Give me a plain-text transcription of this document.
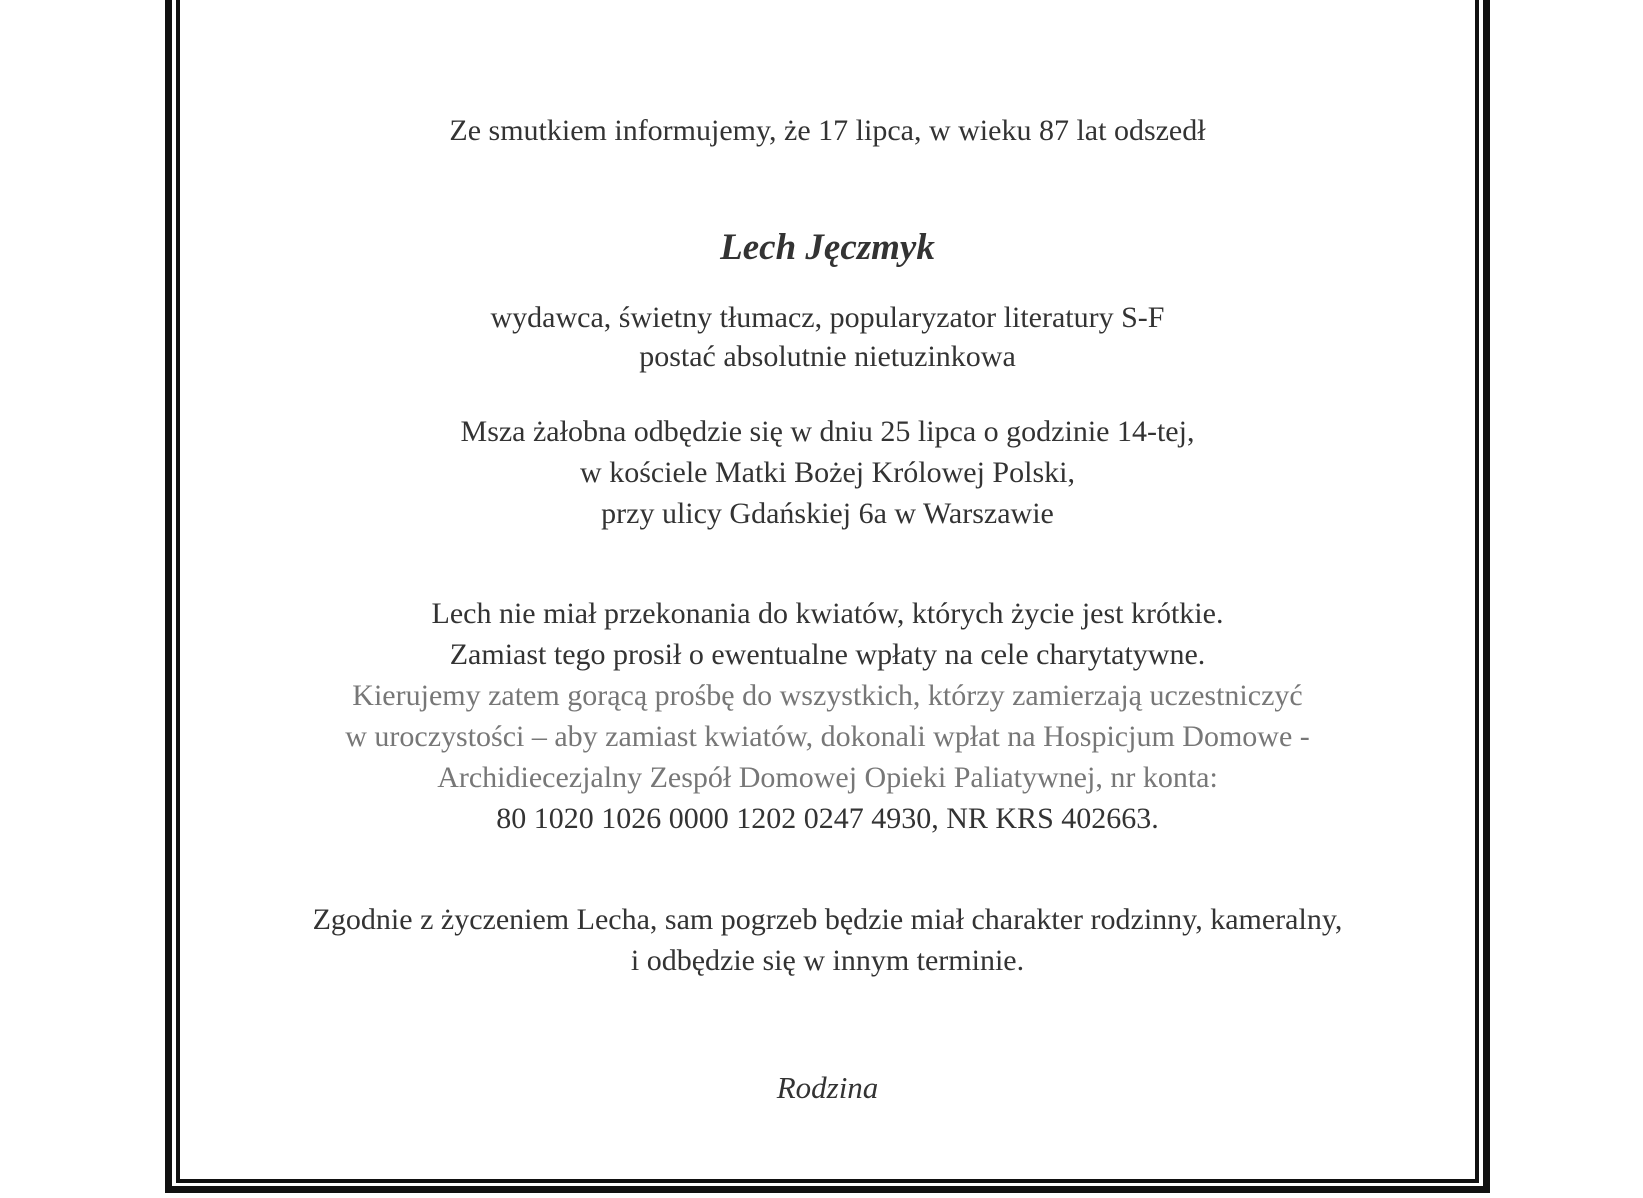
Ze smutkiem informujemy, że 17 lipca, w wieku 87 lat odszedł
Lech Jęczmyk
wydawca, świetny tłumacz, popularyzator literatury S-F
postać absolutnie nietuzinkowa
Msza żałobna odbędzie się w dniu 25 lipca o godzinie 14-tej,
w kościele Matki Bożej Królowej Polski,
przy ulicy Gdańskiej 6a w Warszawie
Lech nie miał przekonania do kwiatów, których życie jest krótkie.
Zamiast tego prosił o ewentualne wpłaty na cele charytatywne.
Kierujemy zatem gorącą prośbę do wszystkich, którzy zamierzają uczestniczyć
w uroczystości – aby zamiast kwiatów, dokonali wpłat na Hospicjum Domowe -
Archidiecezjalny Zespół Domowej Opieki Paliatywnej, nr konta:
80 1020 1026 0000 1202 0247 4930, NR KRS 402663.
Zgodnie z życzeniem Lecha, sam pogrzeb będzie miał charakter rodzinny, kameralny,
i odbędzie się w innym terminie.
Rodzina
